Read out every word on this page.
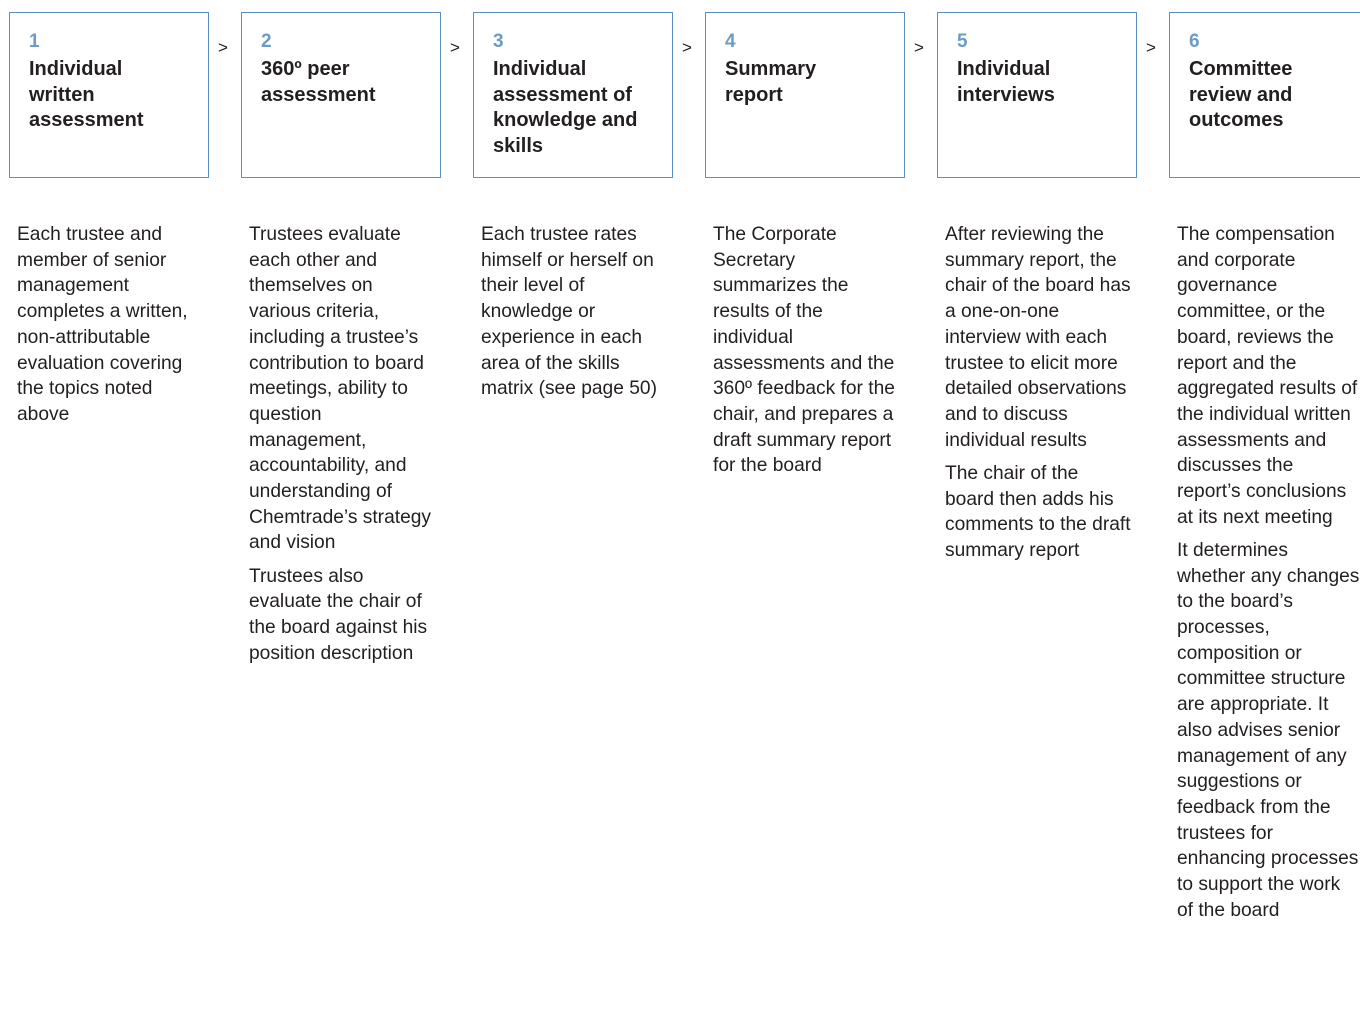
1
Individual written assessment
>

Each trustee and member of senior management completes a written, non-attributable evaluation covering the topics noted above

2
360º peer assessment
>

Trustees evaluate each other and themselves on various criteria, including a trustee’s contribution to board meetings, ability to question management, accountability, and understanding of Chemtrade’s strategy and vision

Trustees also evaluate the chair of the board against his position description

3
Individual assessment of knowledge and skills
>

Each trustee rates himself or herself on their level of knowledge or experience in each area of the skills matrix (see page 50)

4
Summary report
>

The Corporate Secretary summarizes the results of the individual assessments and the 360º feedback for the chair, and prepares a draft summary report for the board

5
Individual interviews
>

After reviewing the summary report, the chair of the board has a one-on-one interview with each trustee to elicit more detailed observations and to discuss individual results

The chair of the board then adds his comments to the draft summary report

6
Committee review and outcomes

The compensation and corporate governance committee, or the board, reviews the report and the aggregated results of the individual written assessments and discusses the report’s conclusions at its next meeting

It determines whether any changes to the board’s processes, composition or committee structure are appropriate. It also advises senior management of any suggestions or feedback from the trustees for enhancing processes to support the work of the board
